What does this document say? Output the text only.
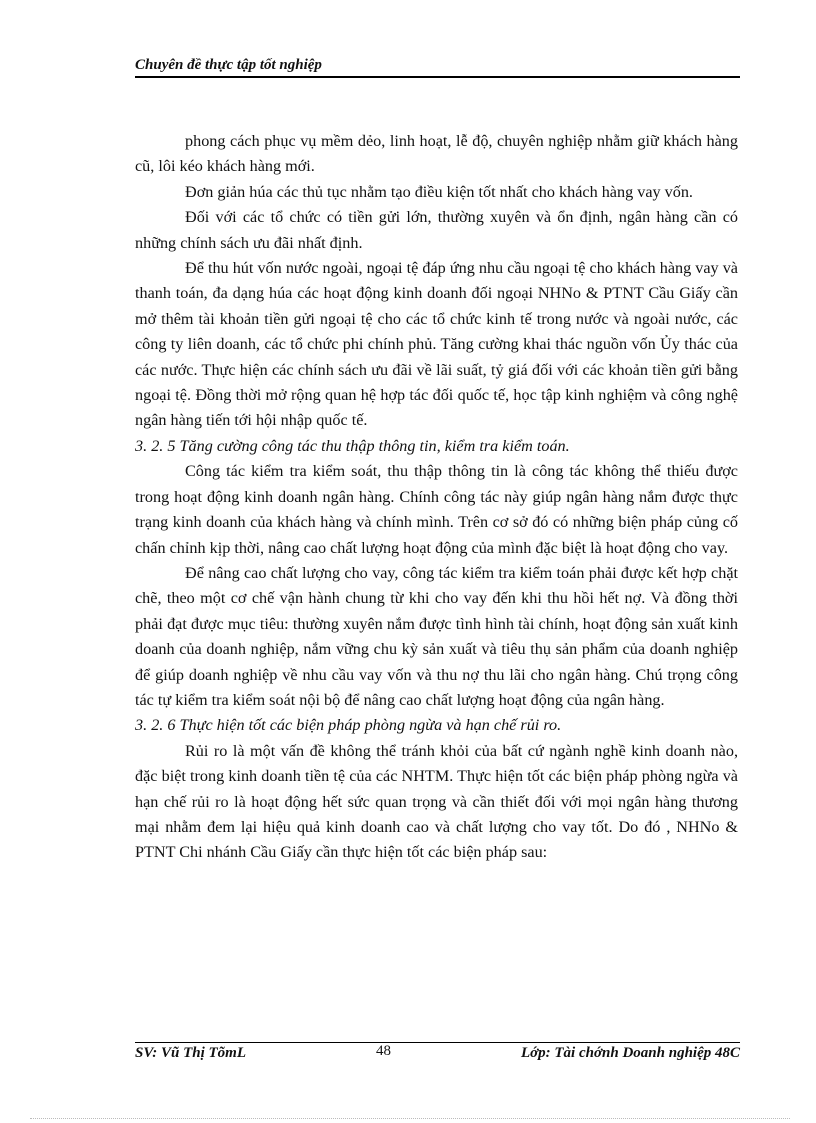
Chuyên đề thực tập tốt nghiệp

phong cách phục vụ mềm dẻo, linh hoạt, lễ độ, chuyên nghiệp nhằm giữ khách hàng cũ, lôi kéo khách hàng mới.

Đơn giản húa các thủ tục nhằm tạo điều kiện tốt nhất cho khách hàng vay vốn.

Đối với các tổ chức có tiền gửi lớn, thường xuyên và ổn định, ngân hàng cần có những chính sách ưu đãi nhất định.

Để thu hút vốn nước ngoài, ngoại tệ đáp ứng nhu cầu ngoại tệ cho khách hàng vay và thanh toán, đa dạng húa các hoạt động kinh doanh đối ngoại NHNo & PTNT Cầu Giấy cần mở thêm tài khoản tiền gửi ngoại tệ cho các tổ chức kinh tế trong nước và ngoài nước, các công ty liên doanh, các tổ chức phi chính phủ. Tăng cường khai thác nguồn vốn Ủy thác của các nước. Thực hiện các chính sách ưu đãi về lãi suất, tỷ giá đối với các khoản tiền gửi bằng ngoại tệ. Đồng thời mở rộng quan hệ hợp tác đối quốc tế, học tập kinh nghiệm và công nghệ ngân hàng tiến tới hội nhập quốc tế.

3. 2. 5 Tăng cường công tác thu thập thông tin, kiểm tra kiểm toán.

Công tác kiểm tra kiểm soát, thu thập thông tin là công tác không thể thiếu được trong hoạt động kinh doanh ngân hàng. Chính công tác này giúp ngân hàng nắm được thực trạng kinh doanh của khách hàng và chính mình. Trên cơ sở đó có những biện pháp củng cố chấn chỉnh kịp thời, nâng cao chất lượng hoạt động của mình đặc biệt là hoạt động cho vay.

Để nâng cao chất lượng cho vay, công tác kiểm tra kiểm toán phải được kết hợp chặt chẽ, theo một cơ chế vận hành chung từ khi cho vay đến khi thu hồi hết nợ. Và đồng thời phải đạt được mục tiêu: thường xuyên nắm được tình hình tài chính, hoạt động sản xuất kinh doanh của doanh nghiệp, nắm vững chu kỳ sản xuất và tiêu thụ sản phẩm của doanh nghiệp để giúp doanh nghiệp về nhu cầu vay vốn và thu nợ thu lãi cho ngân hàng. Chú trọng công tác tự kiểm tra kiểm soát nội bộ để nâng cao chất lượng hoạt động của ngân hàng.

3. 2. 6 Thực hiện tốt các biện pháp phòng ngừa và hạn chế rủi ro.

Rủi ro là một vấn đề không thể tránh khỏi của bất cứ ngành nghề kinh doanh nào, đặc biệt trong kinh doanh tiền tệ của các NHTM. Thực hiện tốt các biện pháp phòng ngừa và hạn chế rủi ro là hoạt động hết sức quan trọng và cần thiết đối với mọi ngân hàng thương mại nhằm đem lại hiệu quả kinh doanh cao và chất lượng cho vay tốt. Do đó , NHNo & PTNT Chi nhánh Cầu Giấy cần thực hiện tốt các biện pháp sau:

SV: Vũ Thị TõmL	48	Lớp: Tài chớnh Doanh nghiệp 48C
